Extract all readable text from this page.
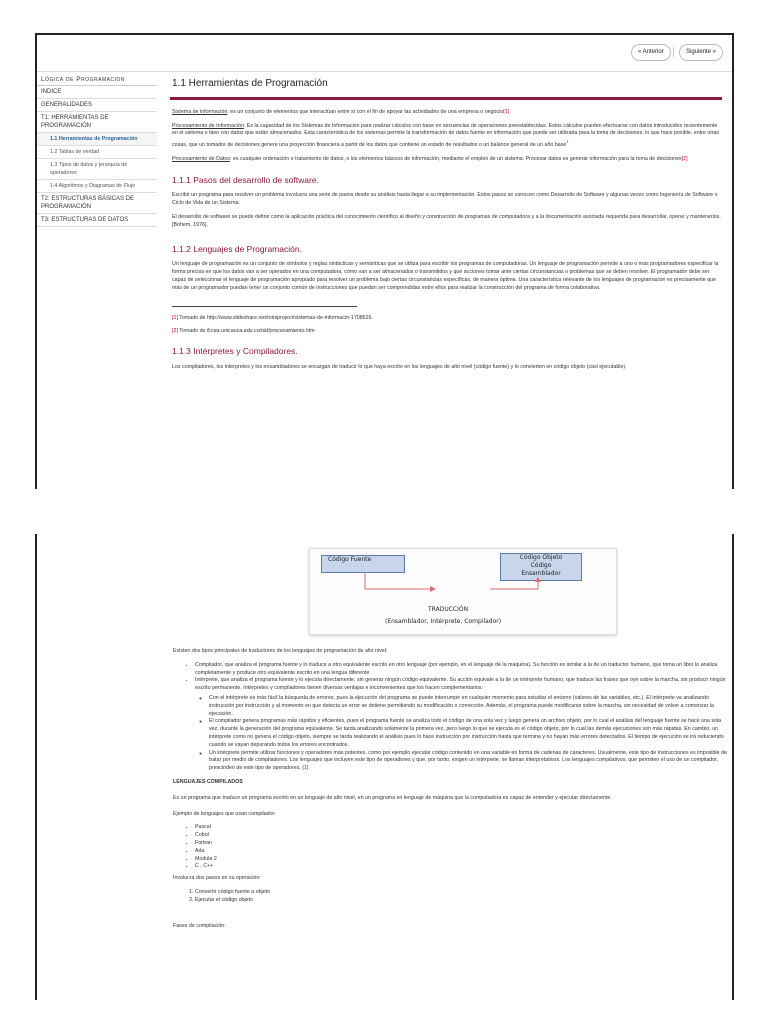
« Anterior	Siguiente »
Lógica de Programacion
INDICE
GENERALIDADES
T1: HERRAMIENTAS DE PROGRAMACIÓN
1.1 Herramientas de Programación
1.2 Tablas de verdad
1.3 Tipos de datos y jerarquía de operadores
1.4 Algoritmos y Diagramas de Flujo
T2: ESTRUCTURAS BÁSICAS DE PROGRAMACIÓN
T3: ESTRUCTURAS DE DATOS
1.1 Herramientas de Programación
Sistema de información: es un conjunto de elementos que interactúan entre sí con el fin de apoyar las actividades de una empresa o negocio[1]
Procesamiento de Información: Es la capacidad de los Sistemas de Información para realizar cálculos con base en secuencias de operaciones preestablecidas. Estos cálculos pueden efectuarse con datos introducidos recientemente en el sistema o bien con datos que están almacenados. Esta característica de los sistemas permite la transformación de datos fuente en información que puede ser utilizada para la toma de decisiones, lo que hace posible, entre otras cosas, que un tomador de decisiones genere una proyección financiera a partir de los datos que contiene un estado de resultados o un balance general de un año base$^1$
Procesamiento de Datos: es cualquier ordenación o tratamiento de datos, o los elementos básicos de información, mediante el empleo de un sistema. Procesar datos es generar información para la toma de decisiones[2]
1.1.1 Pasos del desarrollo de software.
Escribir un programa para resolver un problema involucra una serie de pasos desde su análisis hasta llegar a su implementación. Estos pasos se conocen como Desarrollo de Software y algunas veces como Ingeniería de Software o Ciclo de Vida de un Sistema.
El desarrollo de software se puede definir como la aplicación práctica del conocimiento científico al diseño y construcción de programas de computadora y a la documentación asociada requerida para desarrollar, operar y mantenerlos. [Bohem, 1976].
1.1.2 Lenguajes de Programación.
Un lenguaje de programación es un conjunto de símbolos y reglas sintácticas y semánticas que se utiliza para escribir los programas de computadoras. Un lenguaje de programación permite a uno o más programadores especificar la forma precisa en que los datos van a ser operados en una computadora, cómo van a ser almacenados o transmitidos y qué acciones tomar ante ciertas circunstancias o problemas que se deben resolver. El programador debe ser capaz de seleccionar el lenguaje de programación apropiado para resolver un problema bajo ciertas circunstancias específicas, de manera óptima. Una característica relevante de los lenguajes de programación es precisamente que más de un programador puedan tener un conjunto común de instrucciones que puedan ser comprendidas entre ellos para realizar la construcción del programa de forma colaborativa.
[1] Tomado de http://www.slideshare.net/miniproject/sistemas-de-informacin-1708626.
[2] Tomado de fccea.unicauca.edu.co/old/procesamiento.htm
1.1.3 Intérpretes y Compiladores.
Los compiladores, los intérpretes y los ensambladores se encargan de traducir lo que haya escrito en los lenguajes de alto nivel (código fuente) y lo convierten en código objeto (casi ejecutable).
Código Fuente	Código Objeto
Código
Ensamblador
TRADUCCIÓN
(Ensamblador, Intérprete, Compilador)
Existen dos tipos principales de traductores de los lenguajes de programación de alto nivel:
• Compilador, que analiza el programa fuente y lo traduce a otro equivalente escrito en otro lenguaje (por ejemplo, en el lenguaje de la máquina). Su función es similar a la de un traductor humano, que toma un libro lo analiza completamente y produce otro equivalente escrito en una lengua diferente.
• Intérprete, que analiza el programa fuente y lo ejecuta directamente, sin generar ningún código equivalente. Su acción equivale a la de un intérprete humano, que traduce las frases que oye sobre la marcha, sin producir ningún escrito permanente. Intérpretes y compiladores tienen diversas ventajas e inconvenientes que los hacen complementarios:
◦ Con el intérprete es más fácil la búsqueda de errores, pues la ejecución del programa se puede interrumpir en cualquier momento para estudiar el entorno (valores de las variables, etc.). El intérprete va analizando instrucción por instrucción y al momento en que detecta un error se detiene permitiendo su modificación o corrección. Además, el programa puede modificarse sobre la marcha, sin necesidad de volver a comenzar la ejecución.
◦ El compilador genera programas más rápidos y eficientes, pues el programa fuente se analiza todo el código de una sola vez y luego genera un archivo objeto, por lo cual el análisis del lenguaje fuente se hace una sola vez, durante la generación del programa equivalente. Se tarda analizando solamente la primera vez, pero luego lo que se ejecuta es el código objeto, por lo cual las demás ejecuciones son más rápidas. En cambio, un intérprete como no genera el código objeto, siempre se tarda realizando el análisis pues lo hace instrucción por instrucción hasta que termina y no hayan más errores detectados. El tiempo de ejecución se irá reduciendo cuando se vayan depurando todos los errores encontrados.
◦ Un intérprete permite utilizar funciones y operadores más potentes, como por ejemplo ejecutar código contenido en una variable en forma de cadenas de caracteres. Usualmente, este tipo de instrucciones es imposible de tratar por medio de compiladores. Los lenguajes que incluyen este tipo de operadores y que, por tanto, exigen un intérprete, se llaman interpretativos. Los lenguajes compilativos, que permiten el uso de un compilador, prescinden de este tipo de operadores. [1]
LENGUAJES COMPILADOS
Es un programa que traduce un programa escrito en un lenguaje de alto nivel, en un programa en lenguaje de máquina que la computadora es capaz de entender y ejecutar directamente.
Ejemplo de lenguajes que usan compilador:
• Pascal
• Cobol
• Fortran
• Ada
• Modula 2
• C , C++
Involucra dos pasos en su operación:
1. Convertir código fuente a objeto
2. Ejecutar el código objeto
Fases de compilación:
